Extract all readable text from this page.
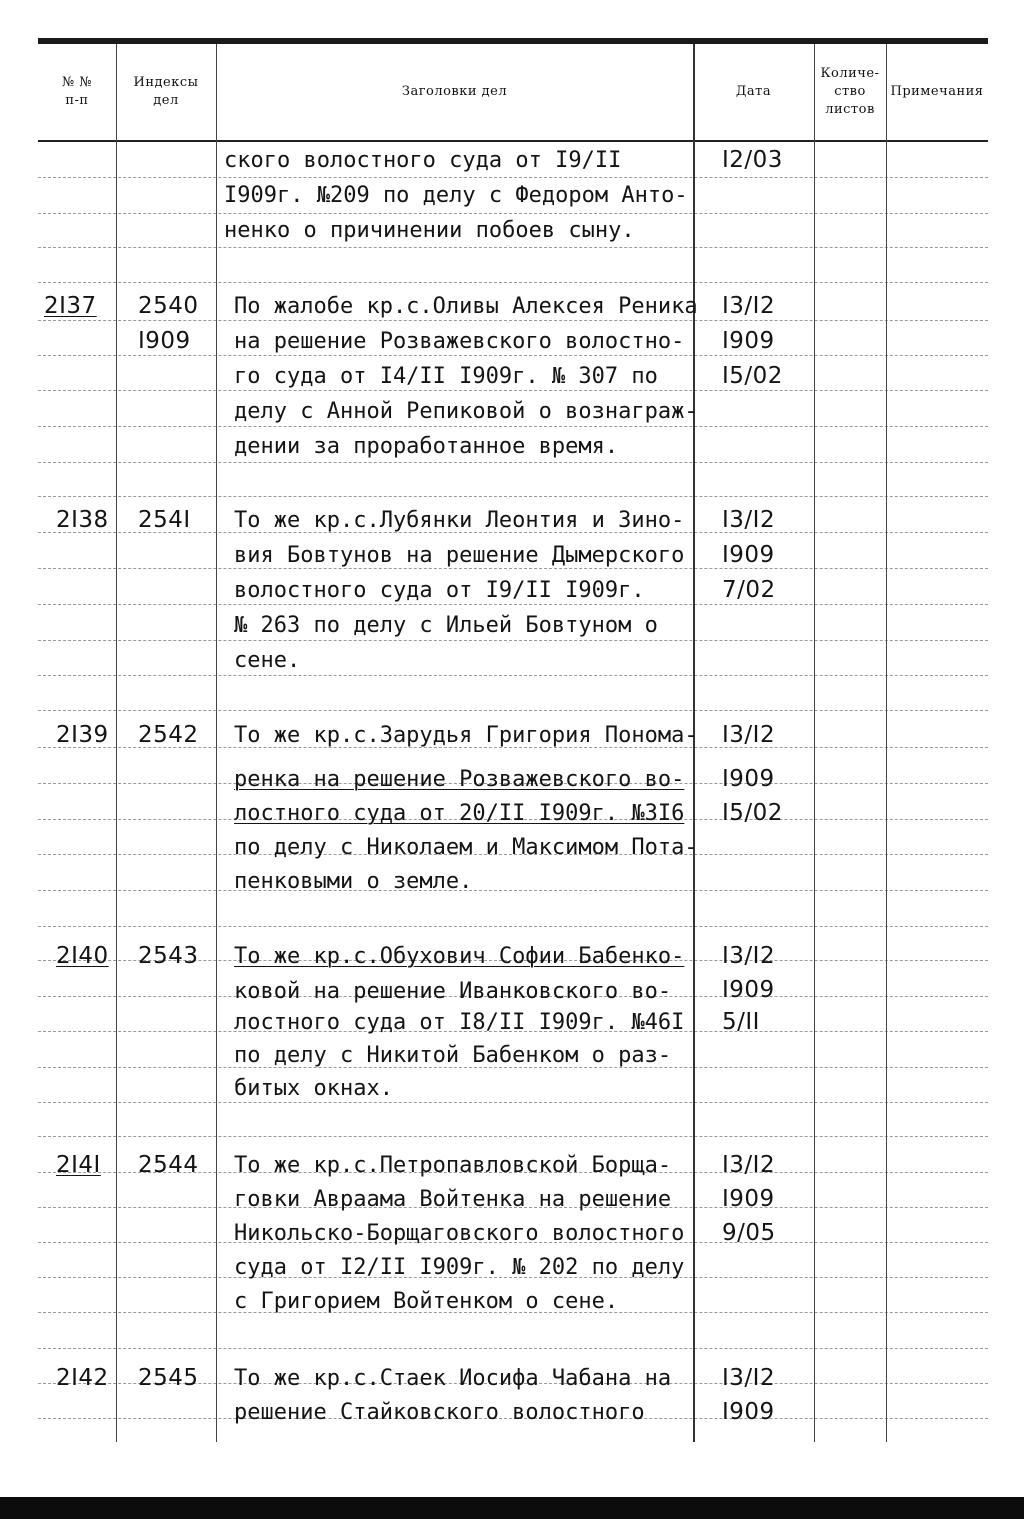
№ №
п-п
Индексы
дел
Заголовки дел	Дата
Количе-
ство
листов
Примечания
ского волостного суда от I9/II
I909г. №209 по делу с Федором Анто-
ненко о причинении побоев сыну.
I2/03
2I37 2540
I909
По жалобе кр.с.Оливы Алексея Реника
на решение Розважевского волостно-
го суда от I4/II I909г. № 307 по
делу с Анной Репиковой о вознаграж-
дении за проработанное время.
I3/I2
I909
I5/02
2I38 254I То же кр.с.Лубянки Леонтия и Зино-
вия Бовтунов на решение Дымерского
волостного суда от I9/II I909г.
№ 263 по делу с Ильей Бовтуном о
сене.
I3/I2
I909
7/02
2I39 2542 То же кр.с.Зарудья Григория Понома-
ренка на решение Розважевского во-
лостного суда от 20/II I909г. №3I6
по делу с Николаем и Максимом Пота-
пенковыми о земле.
I3/I2
I909
I5/02
2I40 2543 То же кр.с.Обухович Софии Бабенко-
ковой на решение Иванковского во-
лостного суда от I8/II I909г. №46I
по делу с Никитой Бабенком о раз-
битых окнах.
I3/I2
I909
5/II
2I4I 2544 То же кр.с.Петропавловской Борща-
говки Авраама Войтенка на решение
Никольско-Борщаговского волостного
суда от I2/II I909г. № 202 по делу
с Григорием Войтенком о сене.
I3/I2
I909
9/05
2I42 2545 То же кр.с.Стаек Иосифа Чабана на
решение Стайковского волостного
I3/I2
I909
